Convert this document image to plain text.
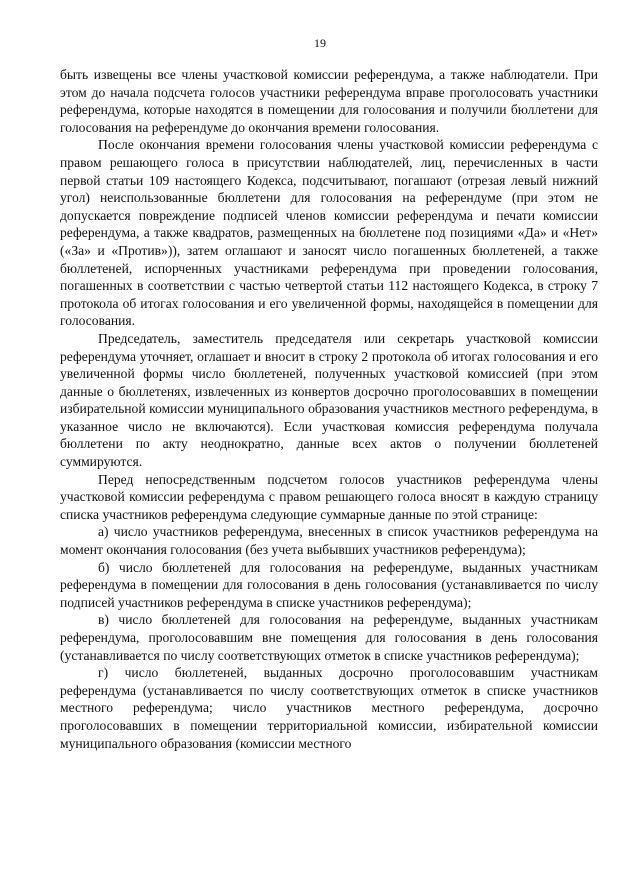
19

быть извещены все члены участковой комиссии референдума, а также наблюдатели. При этом до начала подсчета голосов участники референдума вправе проголосовать участники референдума, которые находятся в помещении для голосования и получили бюллетени для голосования на референдуме до окончания времени голосования.

После окончания времени голосования члены участковой комиссии референдума с правом решающего голоса в присутствии наблюдателей, лиц, перечисленных в части первой статьи 109 настоящего Кодекса, подсчитывают, погашают (отрезая левый нижний угол) неиспользованные бюллетени для голосования на референдуме (при этом не допускается повреждение подписей членов комиссии референдума и печати комиссии референдума, а также квадратов, размещенных на бюллетене под позициями «Да» и «Нет» («За» и «Против»)), затем оглашают и заносят число погашенных бюллетеней, а также бюллетеней, испорченных участниками референдума при проведении голосования, погашенных в соответствии с частью четвертой статьи 112 настоящего Кодекса, в строку 7 протокола об итогах голосования и его увеличенной формы, находящейся в помещении для голосования.

Председатель, заместитель председателя или секретарь участковой комиссии референдума уточняет, оглашает и вносит в строку 2 протокола об итогах голосования и его увеличенной формы число бюллетеней, полученных участковой комиссией (при этом данные о бюллетенях, извлеченных из конвертов досрочно проголосовавших в помещении избирательной комиссии муниципального образования участников местного референдума, в указанное число не включаются). Если участковая комиссия референдума получала бюллетени по акту неоднократно, данные всех актов о получении бюллетеней суммируются.

Перед непосредственным подсчетом голосов участников референдума члены участковой комиссии референдума с правом решающего голоса вносят в каждую страницу списка участников референдума следующие суммарные данные по этой странице:

а) число участников референдума, внесенных в список участников референдума на момент окончания голосования (без учета выбывших участников референдума);

б) число бюллетеней для голосования на референдуме, выданных участникам референдума в помещении для голосования в день голосования (устанавливается по числу подписей участников референдума в списке участников референдума);

в) число бюллетеней для голосования на референдуме, выданных участникам референдума, проголосовавшим вне помещения для голосования в день голосования (устанавливается по числу соответствующих отметок в списке участников референдума);

г) число бюллетеней, выданных досрочно проголосовавшим участникам референдума (устанавливается по числу соответствующих отметок в списке участников местного референдума; число участников местного референдума, досрочно проголосовавших в помещении территориальной комиссии, избирательной комиссии муниципального образования (комиссии местного
